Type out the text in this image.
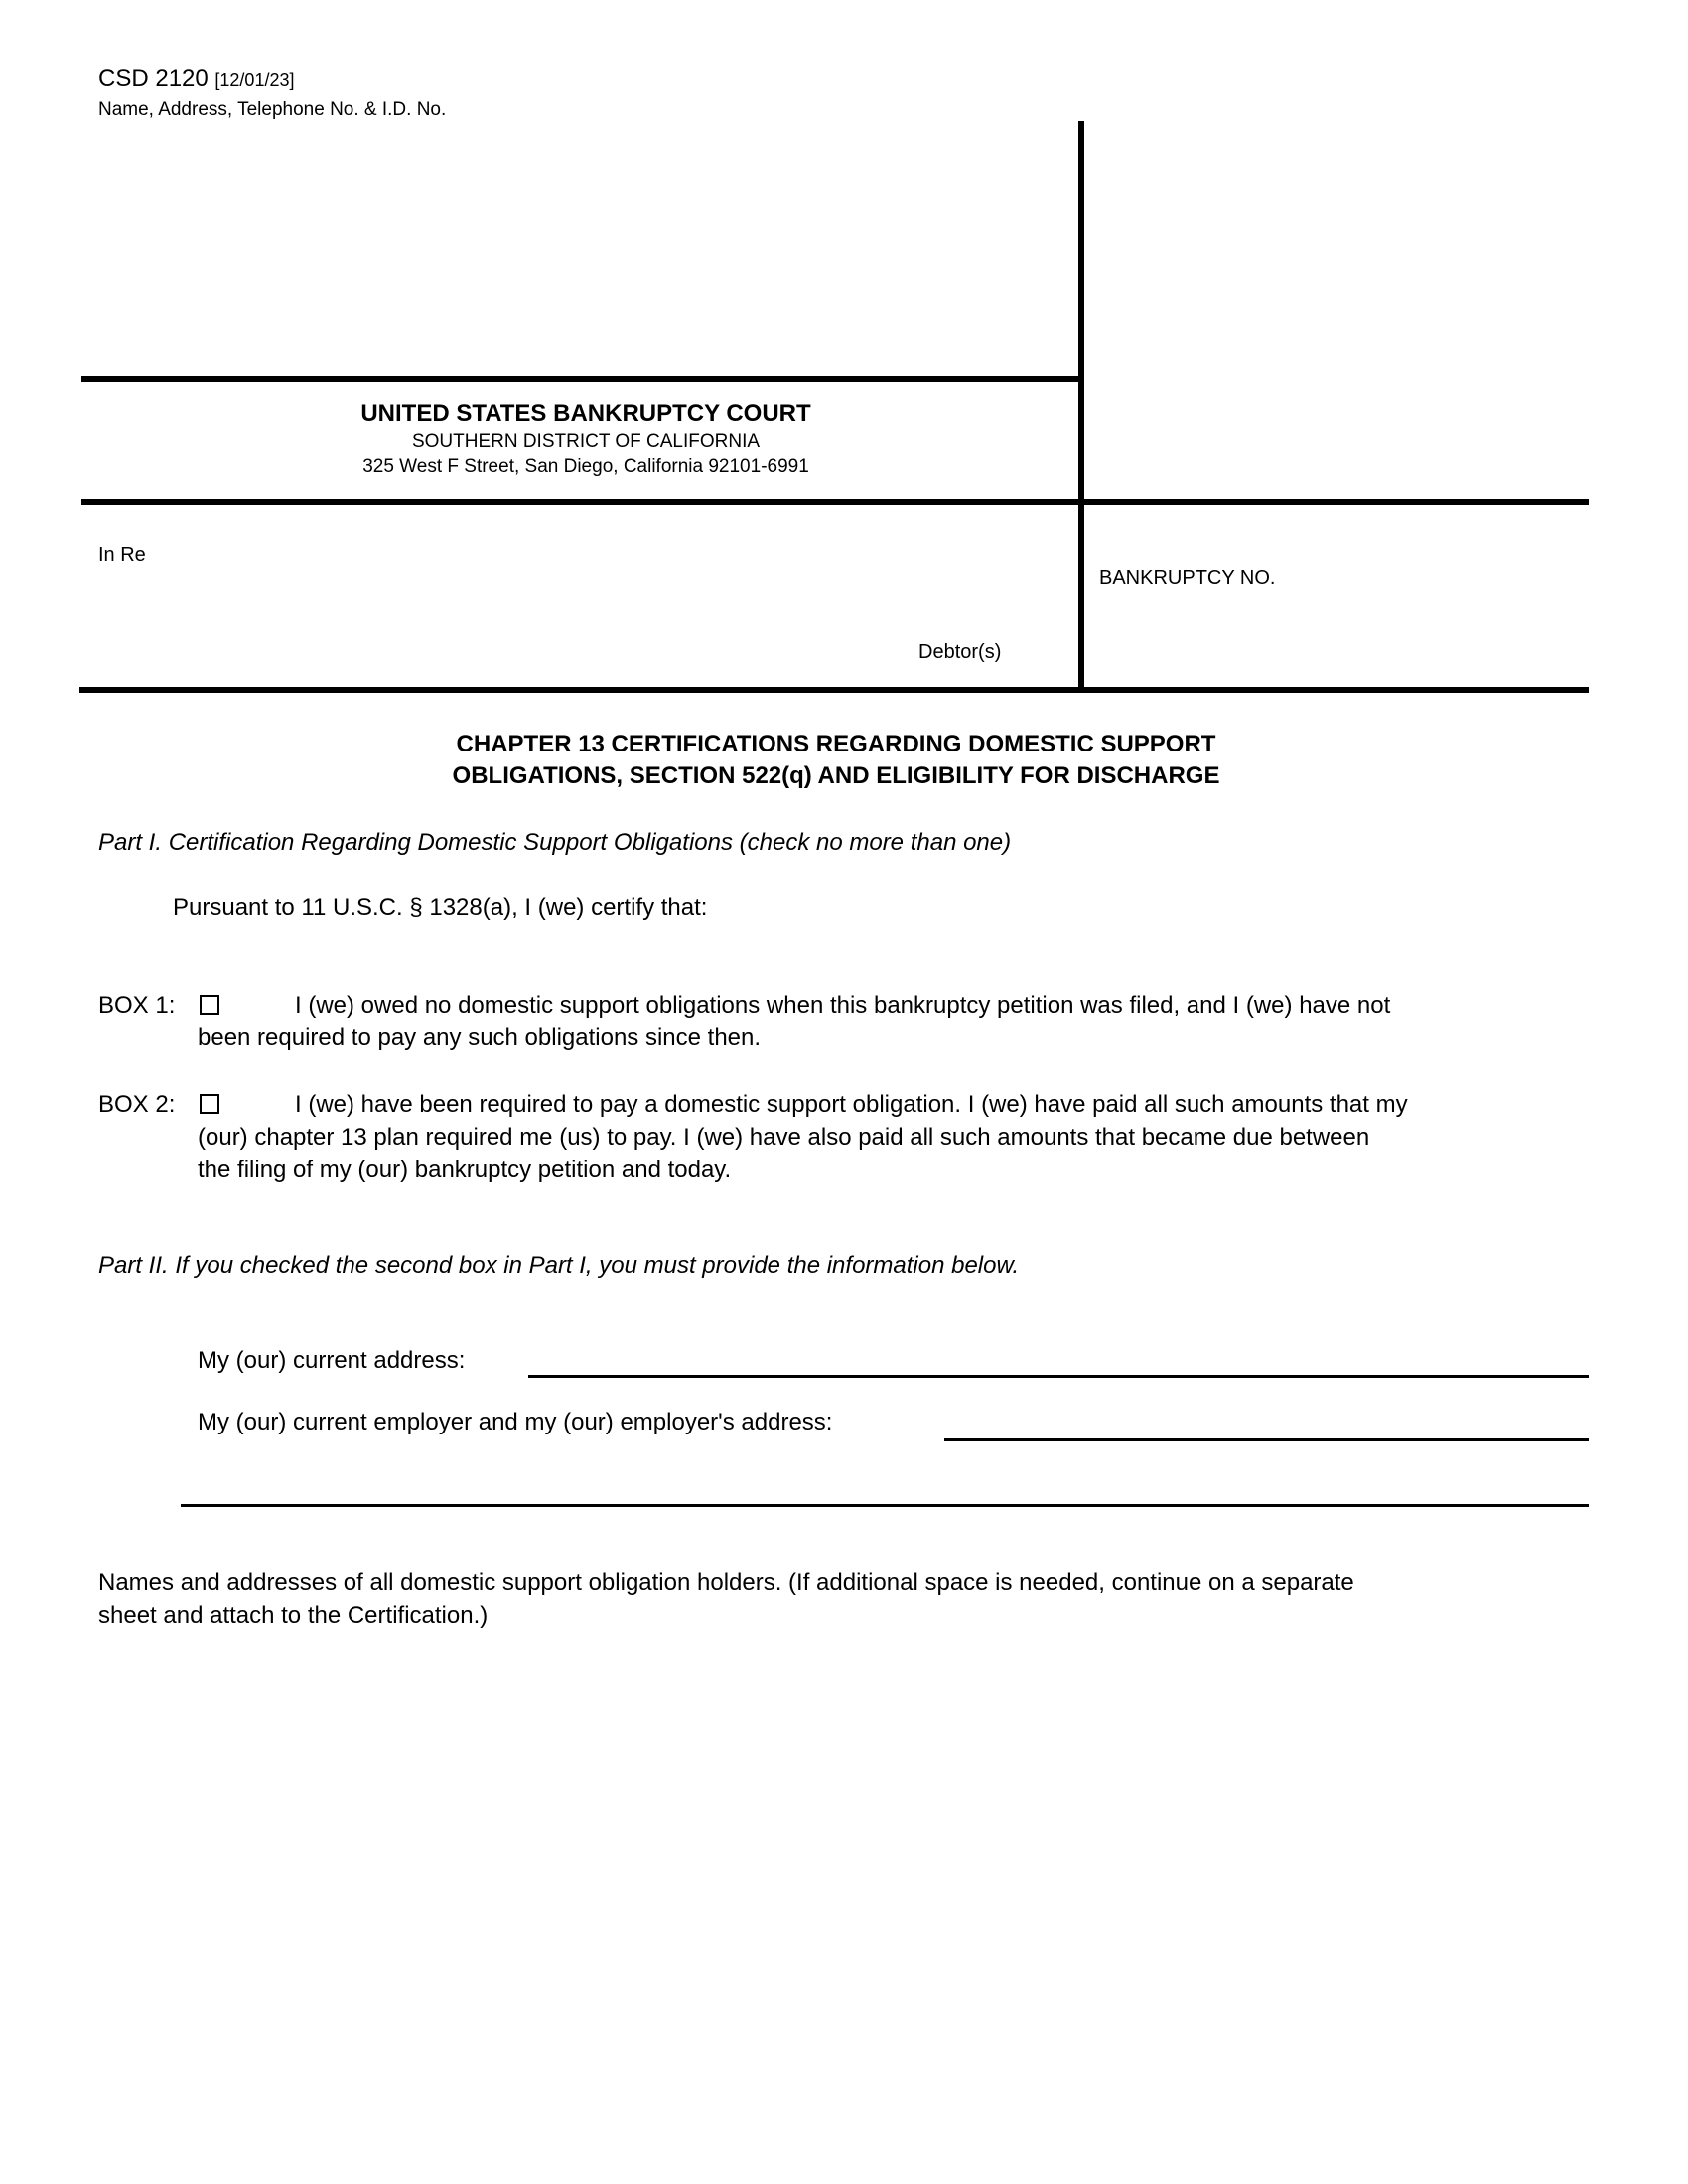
CSD 2120 [12/01/23]
Name, Address, Telephone No. & I.D. No.
UNITED STATES BANKRUPTCY COURT
SOUTHERN DISTRICT OF CALIFORNIA
325 West F Street, San Diego, California 92101-6991
In Re
BANKRUPTCY NO.
Debtor(s)
CHAPTER 13 CERTIFICATIONS REGARDING DOMESTIC SUPPORT
OBLIGATIONS, SECTION 522(q) AND ELIGIBILITY FOR DISCHARGE
Part I. Certification Regarding Domestic Support Obligations (check no more than one)
Pursuant to 11 U.S.C. § 1328(a), I (we) certify that:
BOX 1:	I (we) owed no domestic support obligations when this bankruptcy petition was filed, and I (we) have not
been required to pay any such obligations since then.
BOX 2:	I (we) have been required to pay a domestic support obligation. I (we) have paid all such amounts that my
(our) chapter 13 plan required me (us) to pay. I (we) have also paid all such amounts that became due between
the filing of my (our) bankruptcy petition and today.
Part II. If you checked the second box in Part I, you must provide the information below.
My (our) current address:
My (our) current employer and my (our) employer's address:
Names and addresses of all domestic support obligation holders. (If additional space is needed, continue on a separate
sheet and attach to the Certification.)
